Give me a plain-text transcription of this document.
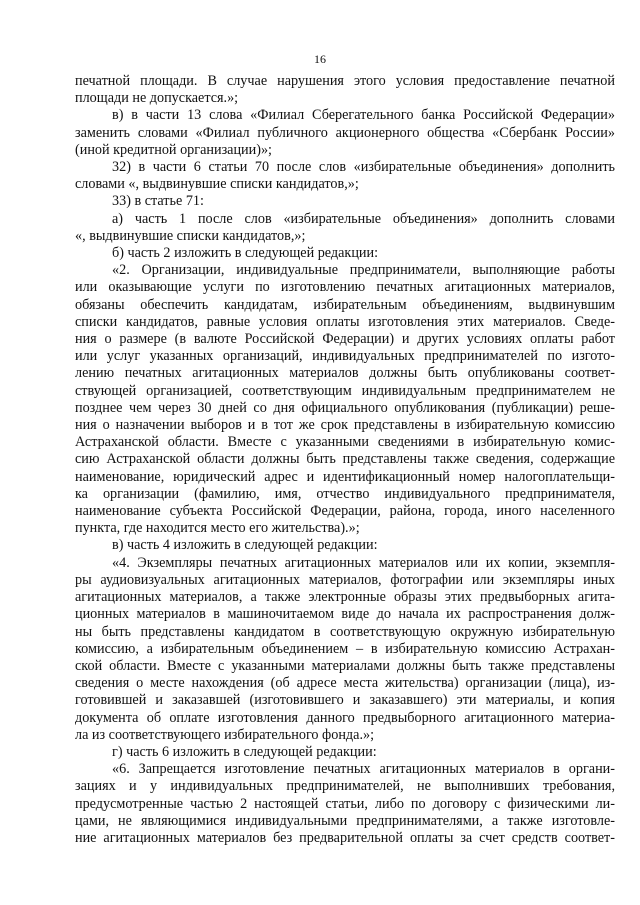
16
печатной площади. В случае нарушения этого условия предоставление печатной
площади не допускается.»;
в) в части 13 слова «Филиал Сберегательного банка Российской Федерации»
заменить словами «Филиал публичного акционерного общества «Сбербанк России»
(иной кредитной организации)»;
32) в части 6 статьи 70 после слов «избирательные объединения» дополнить
словами «, выдвинувшие списки кандидатов,»;
33) в статье 71:
а) часть 1 после слов «избирательные объединения» дополнить словами
«, выдвинувшие списки кандидатов,»;
б) часть 2 изложить в следующей редакции:
«2. Организации, индивидуальные предприниматели, выполняющие работы
или оказывающие услуги по изготовлению печатных агитационных материалов,
обязаны обеспечить кандидатам, избирательным объединениям, выдвинувшим
списки кандидатов, равные условия оплаты изготовления этих материалов. Сведе-
ния о размере (в валюте Российской Федерации) и других условиях оплаты работ
или услуг указанных организаций, индивидуальных предпринимателей по изгото-
лению печатных агитационных материалов должны быть опубликованы соответ-
ствующей организацией, соответствующим индивидуальным предпринимателем не
позднее чем через 30 дней со дня официального опубликования (публикации) реше-
ния о назначении выборов и в тот же срок представлены в избирательную комиссию
Астраханской области. Вместе с указанными сведениями в избирательную комис-
сию Астраханской области должны быть представлены также сведения, содержащие
наименование, юридический адрес и идентификационный номер налогоплательщи-
ка организации (фамилию, имя, отчество индивидуального предпринимателя,
наименование субъекта Российской Федерации, района, города, иного населенного
пункта, где находится место его жительства).»;
в) часть 4 изложить в следующей редакции:
«4. Экземпляры печатных агитационных материалов или их копии, экземпля-
ры аудиовизуальных агитационных материалов, фотографии или экземпляры иных
агитационных материалов, а также электронные образы этих предвыборных агита-
ционных материалов в машиночитаемом виде до начала их распространения долж-
ны быть представлены кандидатом в соответствующую окружную избирательную
комиссию, а избирательным объединением – в избирательную комиссию Астрахан-
ской области. Вместе с указанными материалами должны быть также представлены
сведения о месте нахождения (об адресе места жительства) организации (лица), из-
готовившей и заказавшей (изготовившего и заказавшего) эти материалы, и копия
документа об оплате изготовления данного предвыборного агитационного материа-
ла из соответствующего избирательного фонда.»;
г) часть 6 изложить в следующей редакции:
«6. Запрещается изготовление печатных агитационных материалов в органи-
зациях и у индивидуальных предпринимателей, не выполнивших требования,
предусмотренные частью 2 настоящей статьи, либо по договору с физическими ли-
цами, не являющимися индивидуальными предпринимателями, а также изготовле-
ние агитационных материалов без предварительной оплаты за счет средств соответ-
